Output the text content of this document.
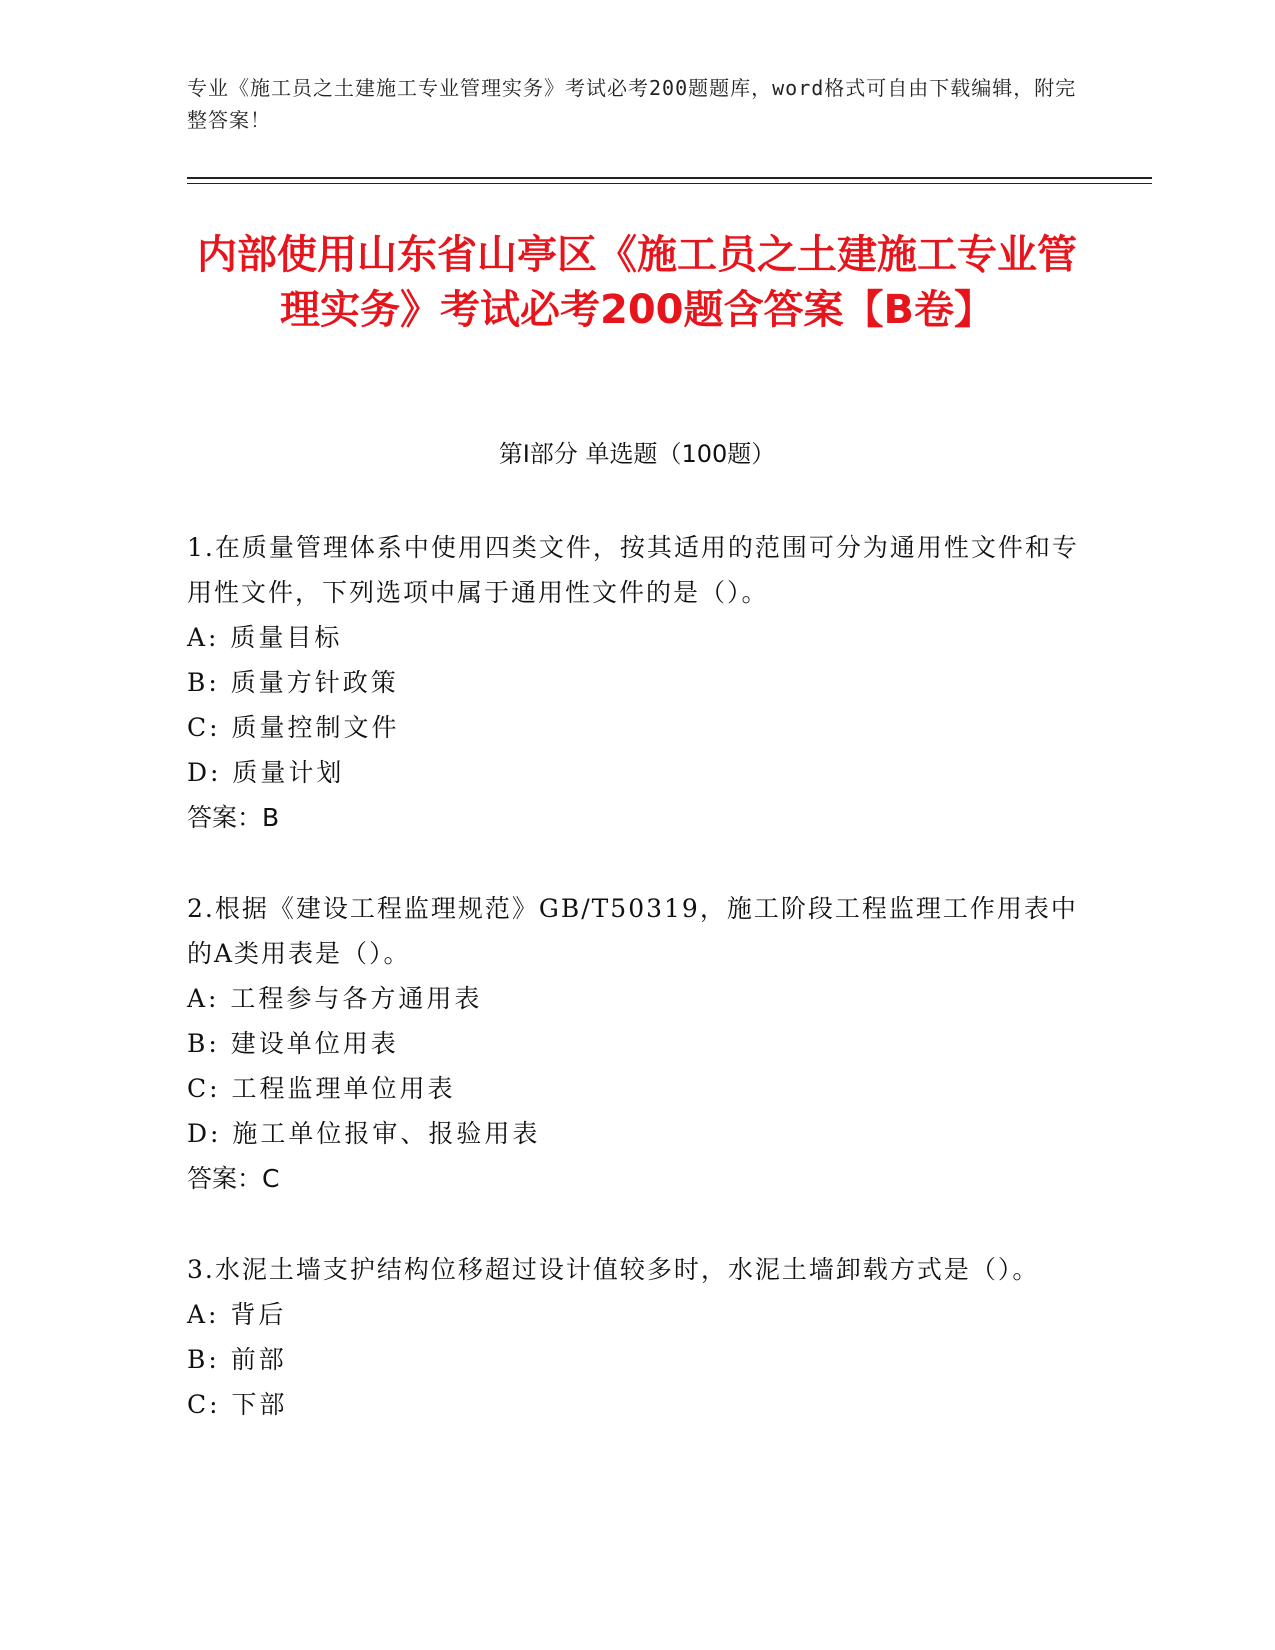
专业《施工员之土建施工专业管理实务》考试必考200题题库，word格式可自由下载编辑，附完整答案！
内部使用山东省山亭区《施工员之土建施工专业管理实务》考试必考200题含答案【B卷】
第Ⅰ部分 单选题（100题）
1.在质量管理体系中使用四类文件，按其适用的范围可分为通用性文件和专用性文件，下列选项中属于通用性文件的是（）。
A: 质量目标
B: 质量方针政策
C: 质量控制文件
D: 质量计划
答案：B
2.根据《建设工程监理规范》GB/T50319，施工阶段工程监理工作用表中的A类用表是（）。
A: 工程参与各方通用表
B: 建设单位用表
C: 工程监理单位用表
D: 施工单位报审、报验用表
答案：C
3.水泥土墙支护结构位移超过设计值较多时，水泥土墙卸载方式是（）。
A: 背后
B: 前部
C: 下部
